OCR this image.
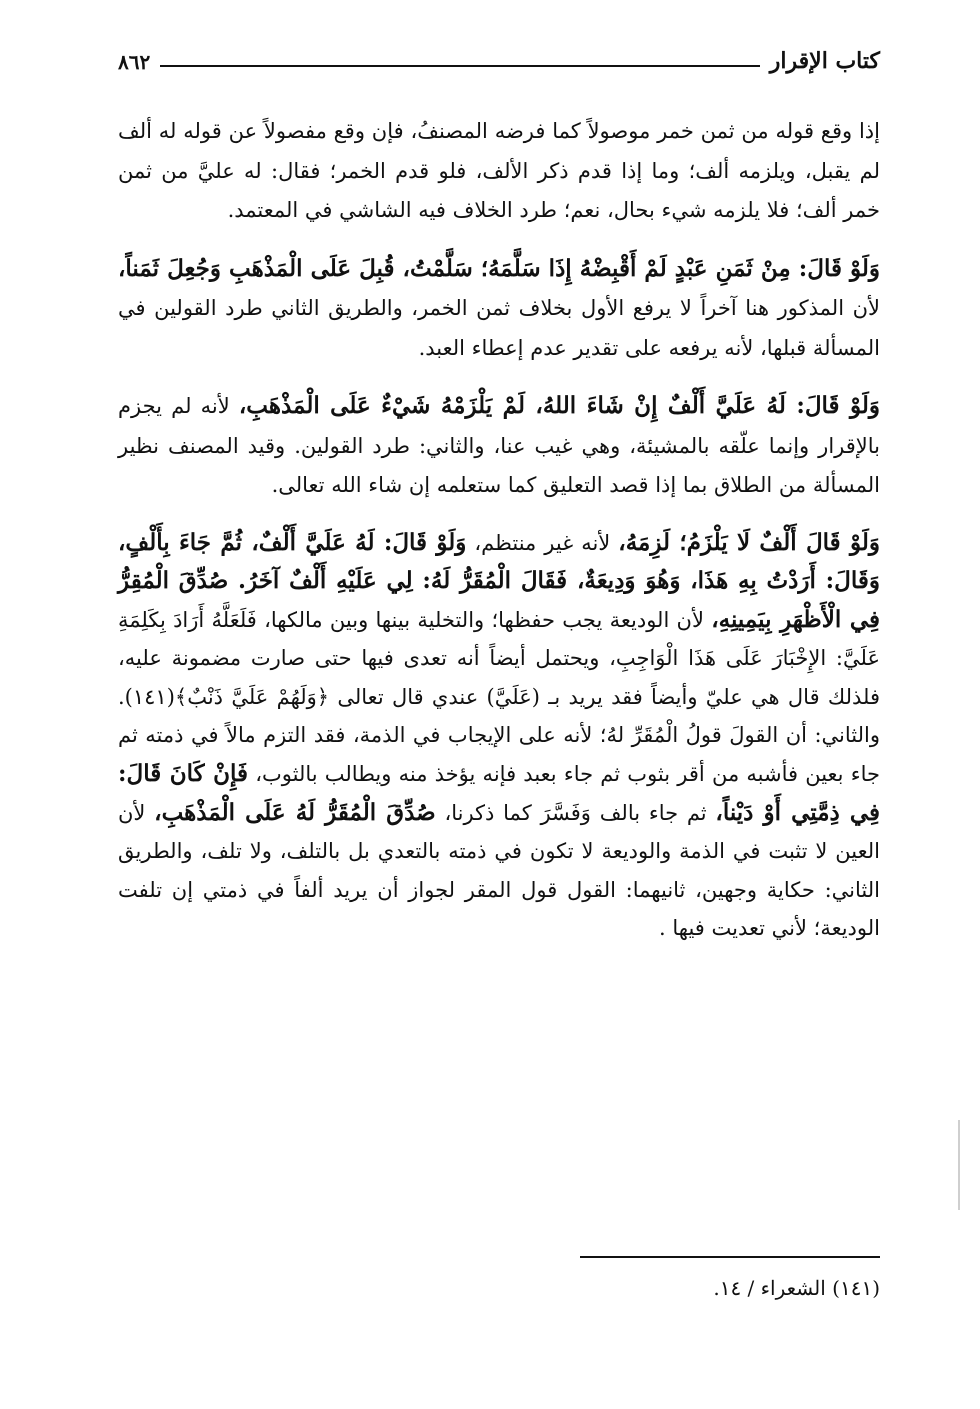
كتاب الإقرار
٨٦٢

إذا وقع قوله من ثمن خمر موصولاً كما فرضه المصنفُ، فإن وقع مفصولاً عن قوله له ألف لم يقبل، ويلزمه ألف؛ وما إذا قدم ذكر الألف، فلو قدم الخمر؛ فقال: له عليَّ من ثمن خمر ألف؛ فلا يلزمه شيء بحال، نعم؛ طرد الخلاف فيه الشاشي في المعتمد.

وَلَوْ قَالَ: مِنْ ثَمَنِ عَبْدٍ لَمْ أَقْبِضْهُ إِذَا سَلَّمَهُ؛ سَلَّمْتُ، قُبِلَ عَلَى الْمَذْهَبِ وَجُعِلَ ثَمَناً، لأن المذكور هنا آخراً لا يرفع الأول بخلاف ثمن الخمر، والطريق الثاني طرد القولين في المسألة قبلها، لأنه يرفعه على تقدير عدم إعطاء العبد.

وَلَوْ قَالَ: لَهُ عَلَيَّ أَلْفٌ إِنْ شَاءَ اللهُ، لَمْ يَلْزَمْهُ شَيْءٌ عَلَى الْمَذْهَبِ، لأنه لم يجزم بالإقرار وإنما علّقه بالمشيئة، وهي غيب عنا، والثاني: طرد القولين. وقيد المصنف نظير المسألة من الطلاق بما إذا قصد التعليق كما ستعلمه إن شاء الله تعالى.

وَلَوْ قَالَ أَلْفٌ لَا يَلْزَمُ؛ لَزِمَهُ، لأنه غير منتظم، وَلَوْ قَالَ: لَهُ عَلَيَّ أَلْفٌ، ثُمَّ جَاءَ بِأَلْفٍ، وَقَالَ: أَرَدْتُ بِهِ هَذَا، وَهُوَ وَدِيعَةٌ، فَقَالَ الْمُقَرُّ لَهُ: لِي عَلَيْهِ أَلْفٌ آخَرُ. صُدِّقَ الْمُقِرُّ فِي الْأَظْهَرِ بِيَمِينِهِ، لأن الوديعة يجب حفظها؛ والتخلية بينها وبين مالكها، فَلَعَلَّهُ أَرَادَ بِكَلِمَةِ عَلَيَّ: الإِخْبَارَ عَلَى هَذَا الْوَاجِبِ، ويحتمل أيضاً أنه تعدى فيها حتى صارت مضمونة عليه، فلذلك قال هي عليّ وأيضاً فقد يريد بـ (عَلَيَّ) عندي قال تعالى ﴿وَلَهُمْ عَلَيَّ ذَنْبٌ﴾(١٤١). والثاني: أن القولَ قولُ الْمُقَرِّ لهُ؛ لأنه على الإيجاب في الذمة، فقد التزم مالاً في ذمته ثم جاء بعين فأشبه من أقر بثوب ثم جاء بعبد فإنه يؤخذ منه ويطالب بالثوب، فَإِنْ كَانَ قَالَ: فِي ذِمَّتِي أَوْ دَيْناً، ثم جاء بالف وَفَسَّرَ كما ذكرنا، صُدِّقَ الْمُقَرُّ لَهُ عَلَى الْمَذْهَبِ، لأن العين لا تثبت في الذمة والوديعة لا تكون في ذمته بالتعدي بل بالتلف، ولا تلف، والطريق الثاني: حكاية وجهين، ثانيهما: القول قول المقر لجواز أن يريد ألفاً في ذمتي إن تلفت الوديعة؛ لأني تعديت فيها .

(١٤١) الشعراء / ١٤.
